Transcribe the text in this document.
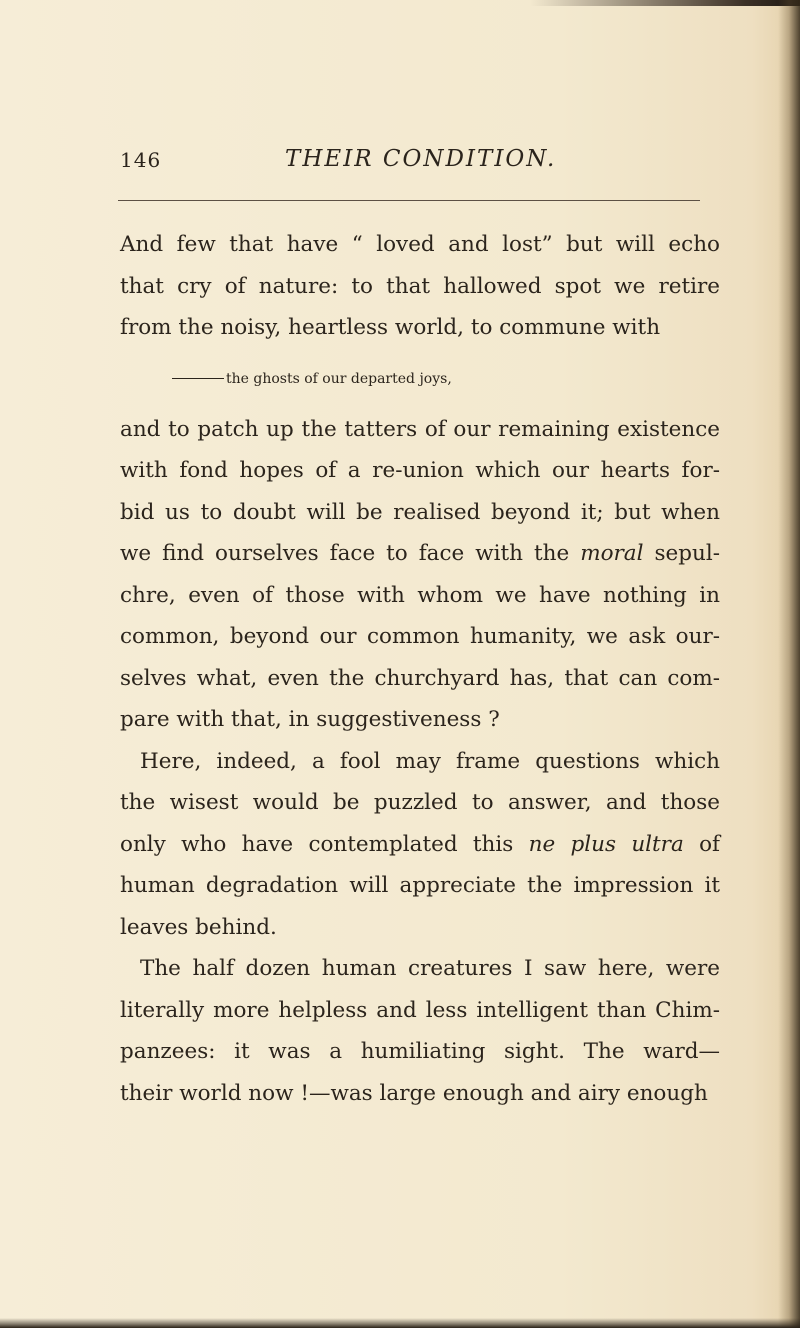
146	THEIR CONDITION.
And few that have “ loved and lost” but will echo
that cry of nature: to that hallowed spot we retire
from the noisy, heartless world, to commune with
the ghosts of our departed joys,
and to patch up the tatters of our remaining existence
with fond hopes of a re-union which our hearts for-
bid us to doubt will be realised beyond it; but when
we find ourselves face to face with the moral sepul-
chre, even of those with whom we have nothing in
common, beyond our common humanity, we ask our-
selves what, even the churchyard has, that can com-
pare with that, in suggestiveness ?
Here, indeed, a fool may frame questions which
the wisest would be puzzled to answer, and those
only who have contemplated this ne plus ultra of
human degradation will appreciate the impression it
leaves behind.
The half dozen human creatures I saw here, were
literally more helpless and less intelligent than Chim-
panzees: it was a humiliating sight. The ward—
their world now !—was large enough and airy enough
